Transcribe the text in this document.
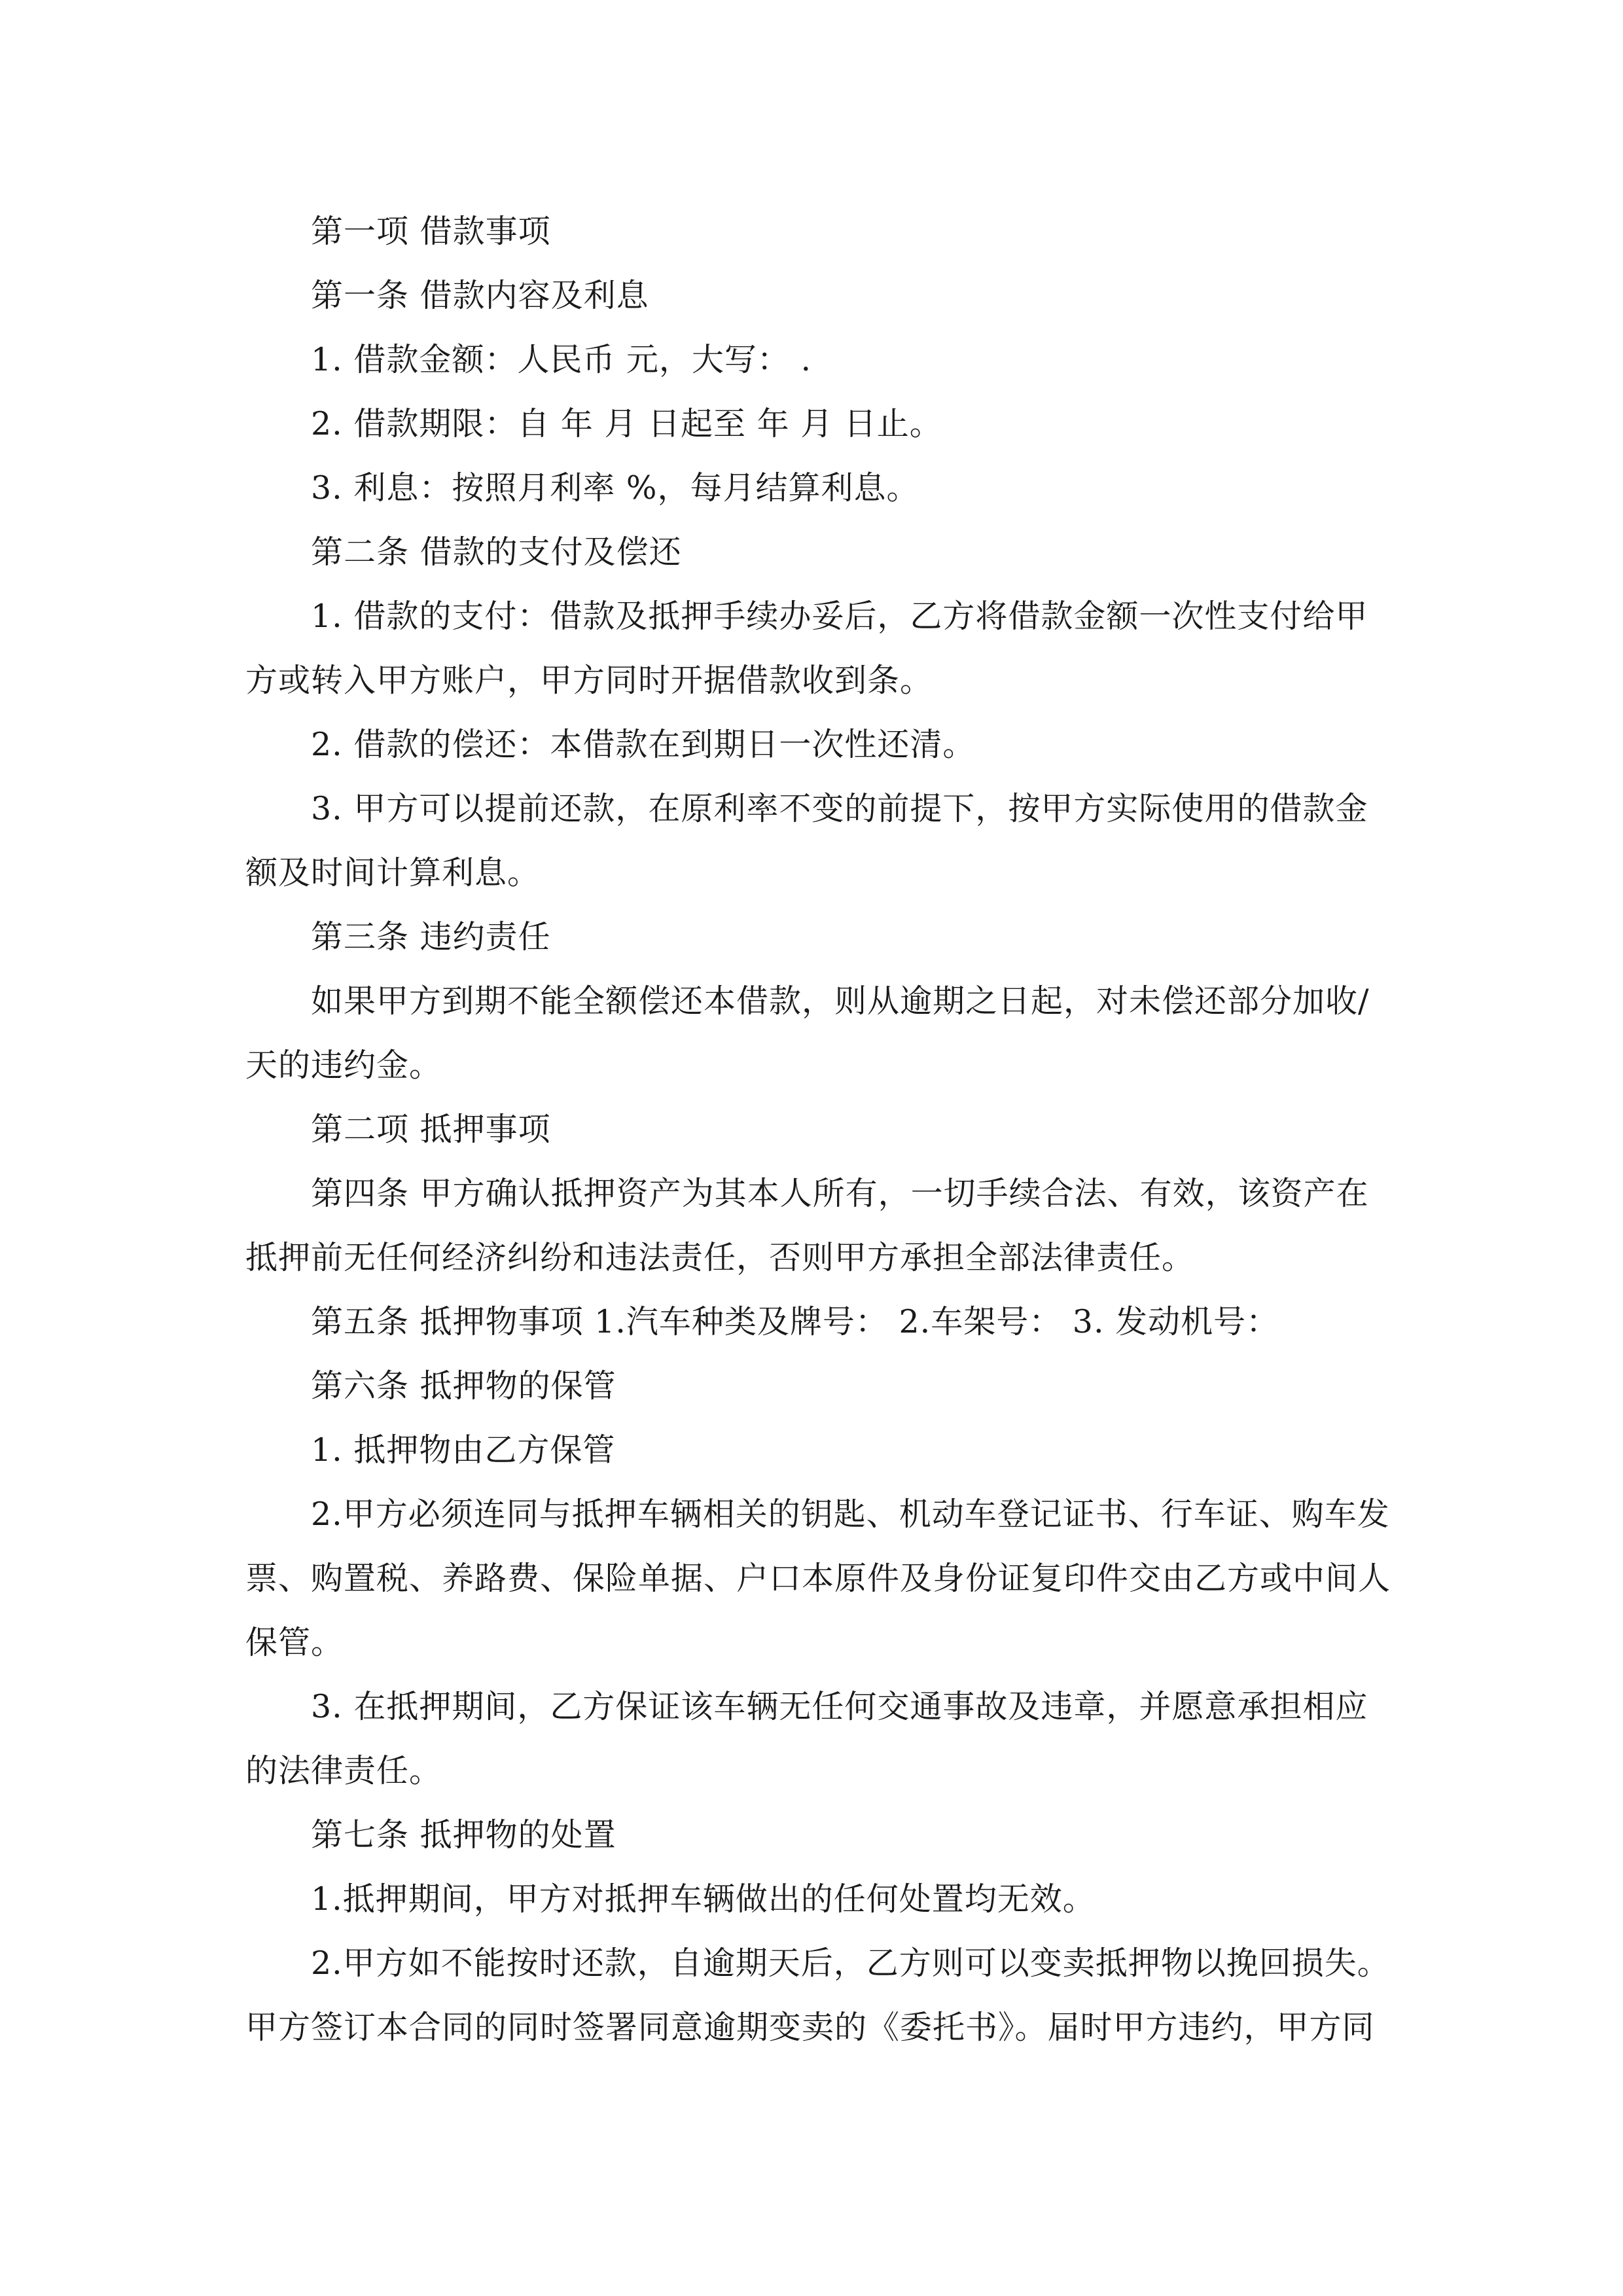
第一项 借款事项

第一条 借款内容及利息

1. 借款金额：人民币 元，大写： .

2. 借款期限：自 年 月 日起至 年 月 日止。

3. 利息：按照月利率 %，每月结算利息。

第二条 借款的支付及偿还

1. 借款的支付：借款及抵押手续办妥后，乙方将借款金额一次性支付给甲方或转入甲方账户，甲方同时开据借款收到条。

2. 借款的偿还：本借款在到期日一次性还清。

3. 甲方可以提前还款，在原利率不变的前提下，按甲方实际使用的借款金额及时间计算利息。

第三条 违约责任

如果甲方到期不能全额偿还本借款，则从逾期之日起，对未偿还部分加收/天的违约金。

第二项 抵押事项

第四条 甲方确认抵押资产为其本人所有，一切手续合法、有效，该资产在抵押前无任何经济纠纷和违法责任，否则甲方承担全部法律责任。

第五条 抵押物事项 1.汽车种类及牌号： 2.车架号： 3. 发动机号：

第六条 抵押物的保管

1. 抵押物由乙方保管

2.甲方必须连同与抵押车辆相关的钥匙、机动车登记证书、行车证、购车发票、购置税、养路费、保险单据、户口本原件及身份证复印件交由乙方或中间人保管。

3. 在抵押期间，乙方保证该车辆无任何交通事故及违章，并愿意承担相应的法律责任。

第七条 抵押物的处置

1.抵押期间，甲方对抵押车辆做出的任何处置均无效。

2.甲方如不能按时还款，自逾期天后，乙方则可以变卖抵押物以挽回损失。甲方签订本合同的同时签署同意逾期变卖的《委托书》。届时甲方违约，甲方同
